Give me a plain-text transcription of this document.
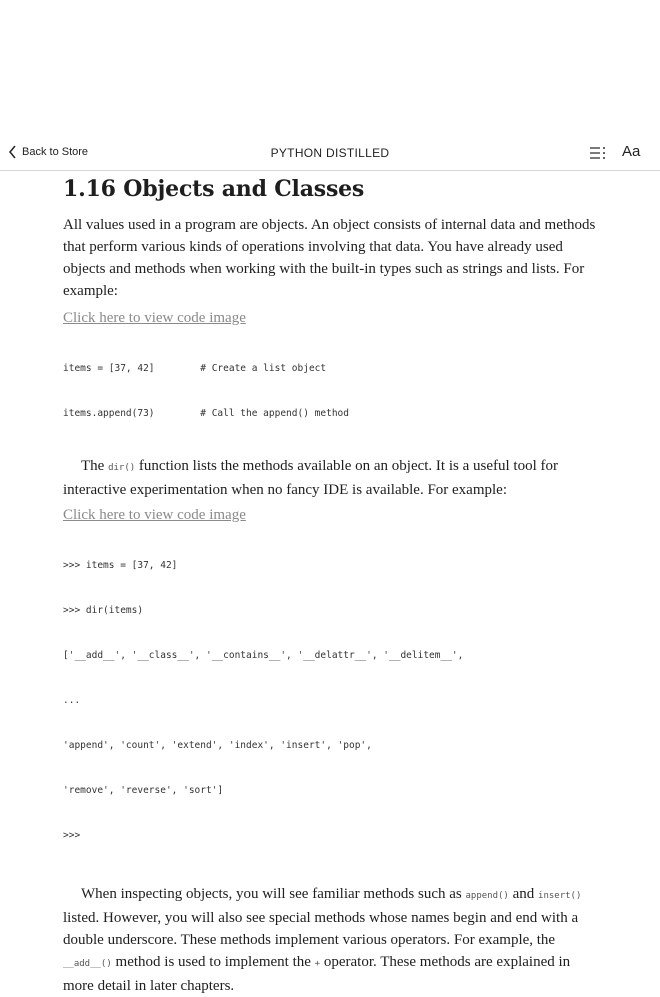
Back to Store	PYTHON DISTILLED	Aa
1.16 Objects and Classes

All values used in a program are objects. An object consists of internal data and methods that perform various kinds of operations involving that data. You have already used objects and methods when working with the built-in types such as strings and lists. For example:

Click here to view code image

items = [37, 42]        # Create a list object

items.append(73)        # Call the append() method

The dir() function lists the methods available on an object. It is a useful tool for interactive experimentation when no fancy IDE is available. For example:

Click here to view code image

>>> items = [37, 42]

>>> dir(items)

['__add__', '__class__', '__contains__', '__delattr__', '__delitem__',

...

'append', 'count', 'extend', 'index', 'insert', 'pop',

'remove', 'reverse', 'sort']

>>>

When inspecting objects, you will see familiar methods such as append() and insert() listed. However, you will also see special methods whose names begin and end with a double underscore. These methods implement various operators. For example, the __add__() method is used to implement the + operator. These methods are explained in more detail in later chapters.
